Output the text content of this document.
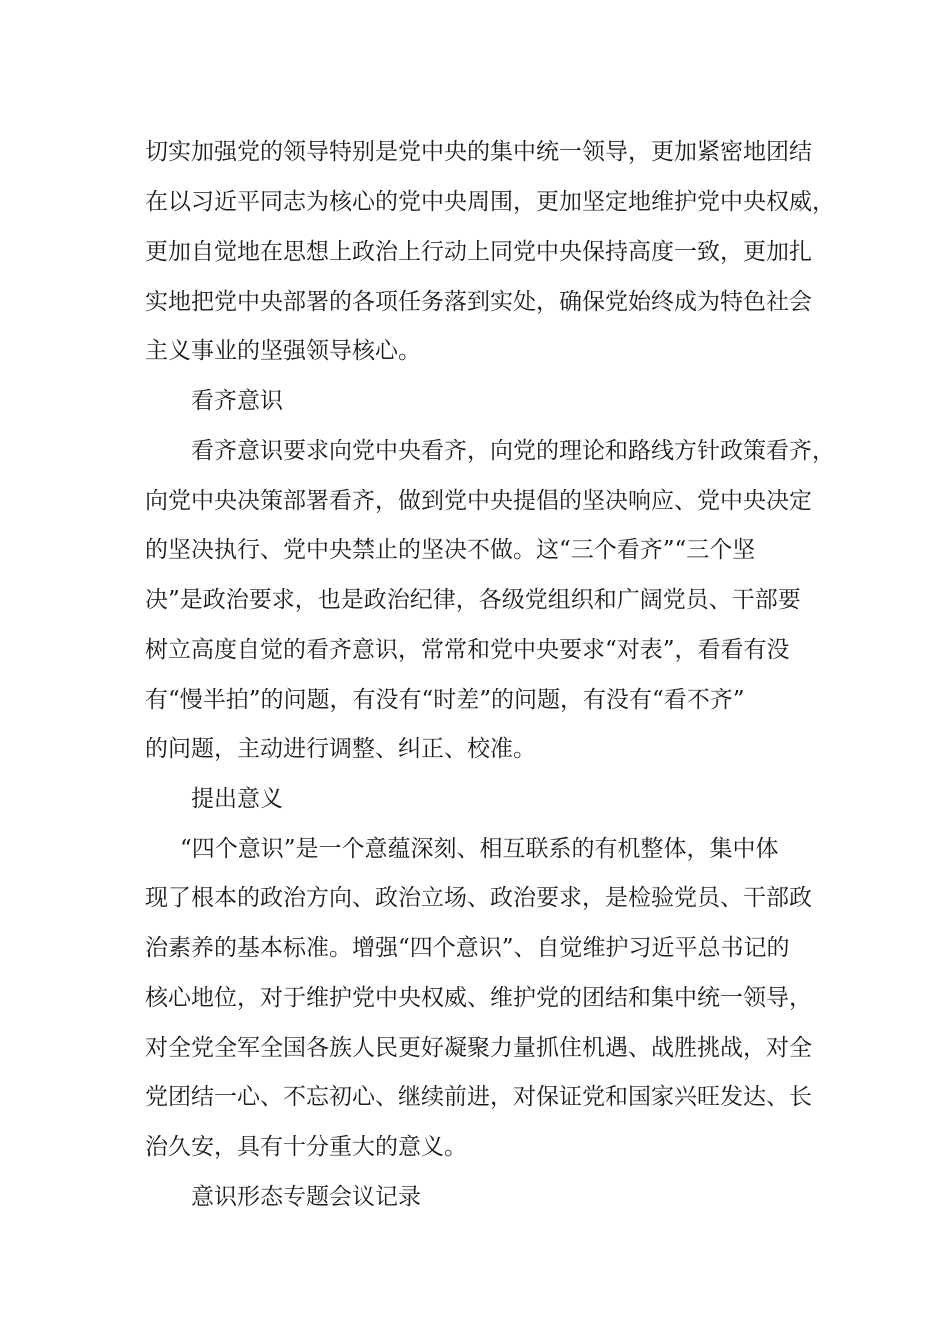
切实加强党的领导特别是党中央的集中统一领导，更加紧密地团结
在以习近平同志为核心的党中央周围，更加坚定地维护党中央权威，
更加自觉地在思想上政治上行动上同党中央保持高度一致，更加扎
实地把党中央部署的各项任务落到实处，确保党始终成为特色社会
主义事业的坚强领导核心。
看齐意识
看齐意识要求向党中央看齐，向党的理论和路线方针政策看齐，
向党中央决策部署看齐，做到党中央提倡的坚决响应、党中央决定
的坚决执行、党中央禁止的坚决不做。这“三个看齐”“三个坚
决”是政治要求，也是政治纪律，各级党组织和广阔党员、干部要
树立高度自觉的看齐意识，常常和党中央要求“对表”，看看有没
有“慢半拍”的问题，有没有“时差”的问题，有没有“看不齐”
的问题，主动进行调整、纠正、校准。
提出意义
“四个意识”是一个意蕴深刻、相互联系的有机整体，集中体
现了根本的政治方向、政治立场、政治要求，是检验党员、干部政
治素养的基本标准。增强“四个意识”、自觉维护习近平总书记的
核心地位，对于维护党中央权威、维护党的团结和集中统一领导，
对全党全军全国各族人民更好凝聚力量抓住机遇、战胜挑战，对全
党团结一心、不忘初心、继续前进，对保证党和国家兴旺发达、长
治久安，具有十分重大的意义。
意识形态专题会议记录
